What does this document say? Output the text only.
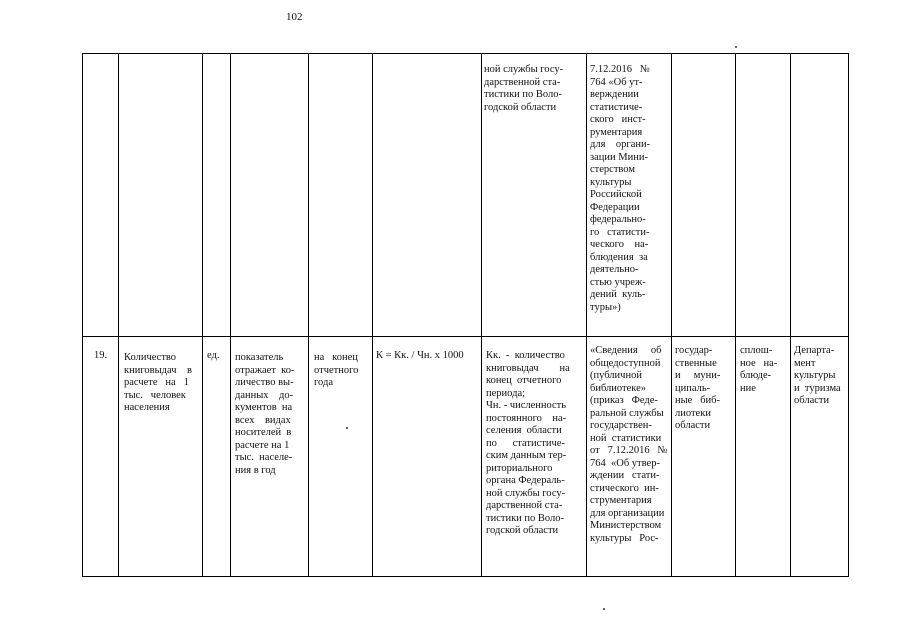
102
ной службы госу-
дарственной ста-
тистики по Воло-
годской области
7.12.2016   №
764 «Об ут-
верждении
статистиче-
ского   инст-
рументария
для    органи-
зации Мини-
стерством
культуры
Российской
Федерации
федерально-
го   статисти-
ческого    на-
блюдения  за
деятельно-
стью учреж-
дений  куль-
туры»)
19. Количество
книговыдач    в
расчете   на   1
тыс.   человек
населения
ед. показатель
отражает  ко-
личество вы-
данных    до-
кументов  на
всех    видах
носителей  в
расчете на 1
тыс.  населе-
ния в год
на   конец
отчетного
года
К = Кк. / Чн. х 1000 Кк.  -  количество
книговыдач        на
конец  отчетного
периода;
Чн. - численность
постоянного    на-
селения  области
по      статистиче-
ским данным тер-
риториального
органа Федераль-
ной службы госу-
дарственной ста-
тистики по Воло-
годской области
«Сведения     об
общедоступной
(публичной
библиотеке»
(приказ   Феде-
ральной службы
государствен-
ной  статистики
от   7.12.2016   №
764  «Об утвер-
ждении   стати-
стического  ин-
струментария
для организации
Министерством
культуры   Рос-
государ-
ственные
и     муни-
ципаль-
ные   биб-
лиотеки
области
сплош-
ное   на-
блюде-
ние
Департа-
мент
культуры
и  туризма
области
